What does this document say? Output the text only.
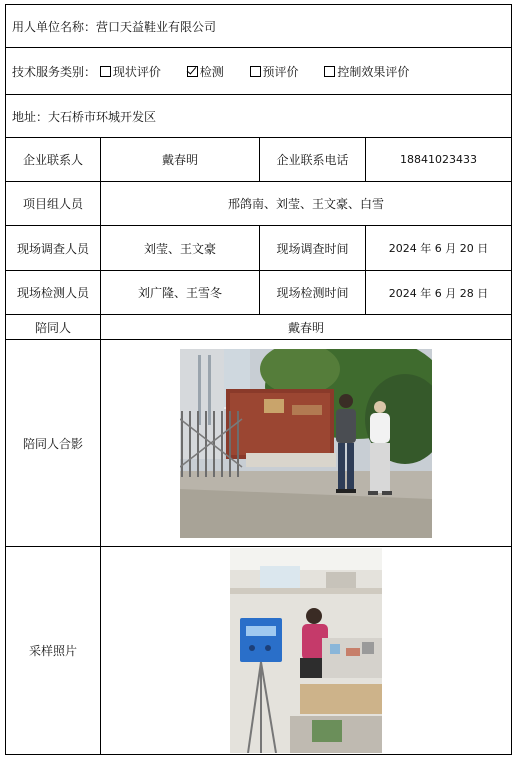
用人单位名称：营口天益鞋业有限公司			
技术服务类别： 现状评价 检测 预评价 控制效果评价			
地址：大石桥市环城开发区			
企业联系人	戴春明	企业联系电话	18841023433
项目组人员	邢鸽南、刘莹、王文豪、白雪		
现场调查人员	刘莹、王文豪	现场调查时间	2024 年 6 月 20 日
现场检测人员	刘广隆、王雪冬	现场检测时间	2024 年 6 月 28 日
陪同人	戴春明		
陪同人合影	

采样照片	
